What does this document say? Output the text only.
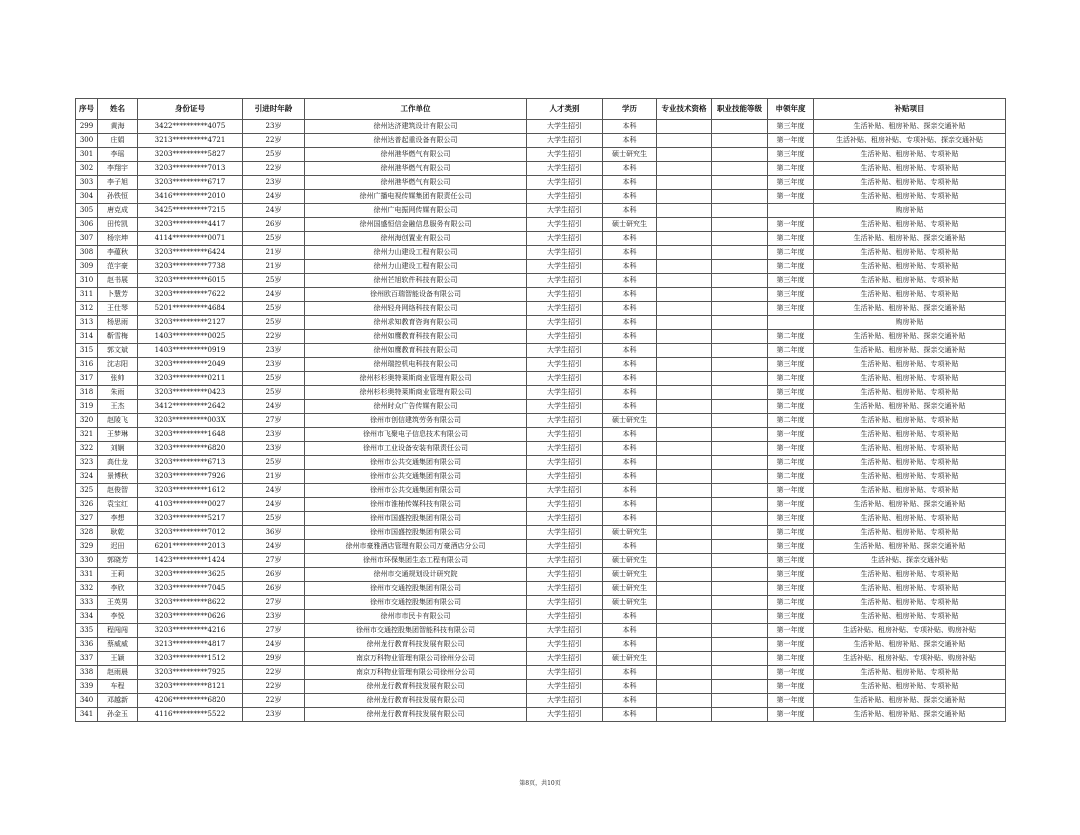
序号	姓名	身份证号	引进时年龄	工作单位	人才类别	学历	专业技术资格	职业技能等级	申领年度	补贴项目
299	黄海	3422**********4075	23岁	徐州达济建筑设计有限公司	大学生招引	本科			第三年度	生活补贴、租房补贴、探亲交通补贴
300	庄娟	3213**********4721	22岁	徐州达普起重设备有限公司	大学生招引	本科			第一年度	生活补贴、租房补贴、专项补贴、探亲交通补贴
301	李瑶	3203**********5827	25岁	徐州港华燃气有限公司	大学生招引	硕士研究生			第三年度	生活补贴、租房补贴、专项补贴
302	李翔宇	3203**********7013	22岁	徐州港华燃气有限公司	大学生招引	本科			第二年度	生活补贴、租房补贴、专项补贴
303	李子旭	3203**********6717	23岁	徐州港华燃气有限公司	大学生招引	本科			第三年度	生活补贴、租房补贴、专项补贴
304	孙铁恒	3416**********2010	24岁	徐州广播电视传媒集团有限责任公司	大学生招引	本科			第一年度	生活补贴、租房补贴、专项补贴
305	唐克成	3425**********7215	24岁	徐州广电振网传媒有限公司	大学生招引	本科				购房补贴
306	田传凯	3203**********4417	26岁	徐州国盛恒信金融信息服务有限公司	大学生招引	硕士研究生			第一年度	生活补贴、租房补贴、专项补贴
307	杨宗坤	4114**********0071	25岁	徐州海创置业有限公司	大学生招引	本科			第二年度	生活补贴、租房补贴、探亲交通补贴
308	李蕴秋	3203**********6424	21岁	徐州力山建设工程有限公司	大学生招引	本科			第二年度	生活补贴、租房补贴、专项补贴
309	范宇豪	3203**********7738	21岁	徐州力山建设工程有限公司	大学生招引	本科			第二年度	生活补贴、租房补贴、专项补贴
310	赵书展	3203**********6015	25岁	徐州芒旭软件科技有限公司	大学生招引	本科			第三年度	生活补贴、租房补贴、专项补贴
311	卜慧芳	3203**********7622	24岁	徐州欧百瑞智能设备有限公司	大学生招引	本科			第三年度	生活补贴、租房补贴、专项补贴
312	王仕琴	5201**********4684	25岁	徐州轻舟网络科技有限公司	大学生招引	本科			第三年度	生活补贴、租房补贴、探亲交通补贴
313	杨思雨	3203**********2127	25岁	徐州求知教育咨询有限公司	大学生招引	本科				购房补贴
314	靳雪梅	1403**********0025	22岁	徐州如鹰教育科技有限公司	大学生招引	本科			第二年度	生活补贴、租房补贴、探亲交通补贴
315	郭文斌	1403**********0919	23岁	徐州如鹰教育科技有限公司	大学生招引	本科			第二年度	生活补贴、租房补贴、探亲交通补贴
316	沈志阳	3203**********2049	23岁	徐州瑞控机电科技有限公司	大学生招引	本科			第三年度	生活补贴、租房补贴、专项补贴
317	张帅	3203**********0211	25岁	徐州杉杉奥特莱斯商业管理有限公司	大学生招引	本科			第二年度	生活补贴、租房补贴、专项补贴
318	朱雨	3203**********0423	25岁	徐州杉杉奥特莱斯商业管理有限公司	大学生招引	本科			第三年度	生活补贴、租房补贴、专项补贴
319	王杰	3412**********2642	24岁	徐州时众广告传媒有限公司	大学生招引	本科			第二年度	生活补贴、租房补贴、探亲交通补贴
320	赵陵飞	3203**********003X	27岁	徐州市创信建筑劳务有限公司	大学生招引	硕士研究生			第二年度	生活补贴、租房补贴、专项补贴
321	王梦琳	3203**********1648	23岁	徐州市飞聚电子信息技术有限公司	大学生招引	本科			第一年度	生活补贴、租房补贴、专项补贴
322	刘娴	3203**********6820	23岁	徐州市工业设备安装有限责任公司	大学生招引	本科			第一年度	生活补贴、租房补贴、专项补贴
323	高仕龙	3203**********6713	25岁	徐州市公共交通集团有限公司	大学生招引	本科			第二年度	生活补贴、租房补贴、专项补贴
324	景博秋	3203**********7926	21岁	徐州市公共交通集团有限公司	大学生招引	本科			第二年度	生活补贴、租房补贴、专项补贴
325	赵俊智	3203**********1612	24岁	徐州市公共交通集团有限公司	大学生招引	本科			第一年度	生活补贴、租房补贴、专项补贴
326	袁宝红	4103**********0027	24岁	徐州市淮柚传媒科技有限公司	大学生招引	本科			第一年度	生活补贴、租房补贴、探亲交通补贴
327	李想	3203**********5217	25岁	徐州市国盛控股集团有限公司	大学生招引	本科			第三年度	生活补贴、租房补贴、专项补贴
328	耿乾	3203**********7012	36岁	徐州市国盛控股集团有限公司	大学生招引	硕士研究生			第二年度	生活补贴、租房补贴、专项补贴
329	迟田	6201**********2013	24岁	徐州市豪雅酒店管理有限公司万豪酒店分公司	大学生招引	本科			第三年度	生活补贴、租房补贴、探亲交通补贴
330	郭晓芳	1423**********1424	27岁	徐州市环保集团生态工程有限公司	大学生招引	硕士研究生			第三年度	生活补贴、探亲交通补贴
331	王莉	3203**********3625	26岁	徐州市交通规划设计研究院	大学生招引	硕士研究生			第三年度	生活补贴、租房补贴、专项补贴
332	李欣	3203**********7045	26岁	徐州市交通控股集团有限公司	大学生招引	硕士研究生			第三年度	生活补贴、租房补贴、专项补贴
333	王英男	3203**********8622	27岁	徐州市交通控股集团有限公司	大学生招引	硕士研究生			第二年度	生活补贴、租房补贴、专项补贴
334	李悦	3203**********0626	23岁	徐州市市民卡有限公司	大学生招引	本科			第三年度	生活补贴、租房补贴、专项补贴
335	程闯闯	3203**********4216	27岁	徐州市交通控股集团智能科技有限公司	大学生招引	本科			第一年度	生活补贴、租房补贴、专项补贴、购房补贴
336	蔡威威	3213**********4817	24岁	徐州龙行教育科技发展有限公司	大学生招引	本科			第一年度	生活补贴、租房补贴、探亲交通补贴
337	王颖	3203**********1512	29岁	南京万科物业管理有限公司徐州分公司	大学生招引	硕士研究生			第二年度	生活补贴、租房补贴、专项补贴、购房补贴
338	赵雨晨	3203**********7925	22岁	南京万科物业管理有限公司徐州分公司	大学生招引	本科			第一年度	生活补贴、租房补贴、专项补贴
339	车程	3203**********8121	22岁	徐州龙行教育科技发展有限公司	大学生招引	本科			第一年度	生活补贴、租房补贴、专项补贴
340	邓越新	4206**********6820	22岁	徐州龙行教育科技发展有限公司	大学生招引	本科			第一年度	生活补贴、租房补贴、探亲交通补贴
341	孙金玉	4116**********5522	23岁	徐州龙行教育科技发展有限公司	大学生招引	本科			第一年度	生活补贴、租房补贴、探亲交通补贴
第8页，共10页
